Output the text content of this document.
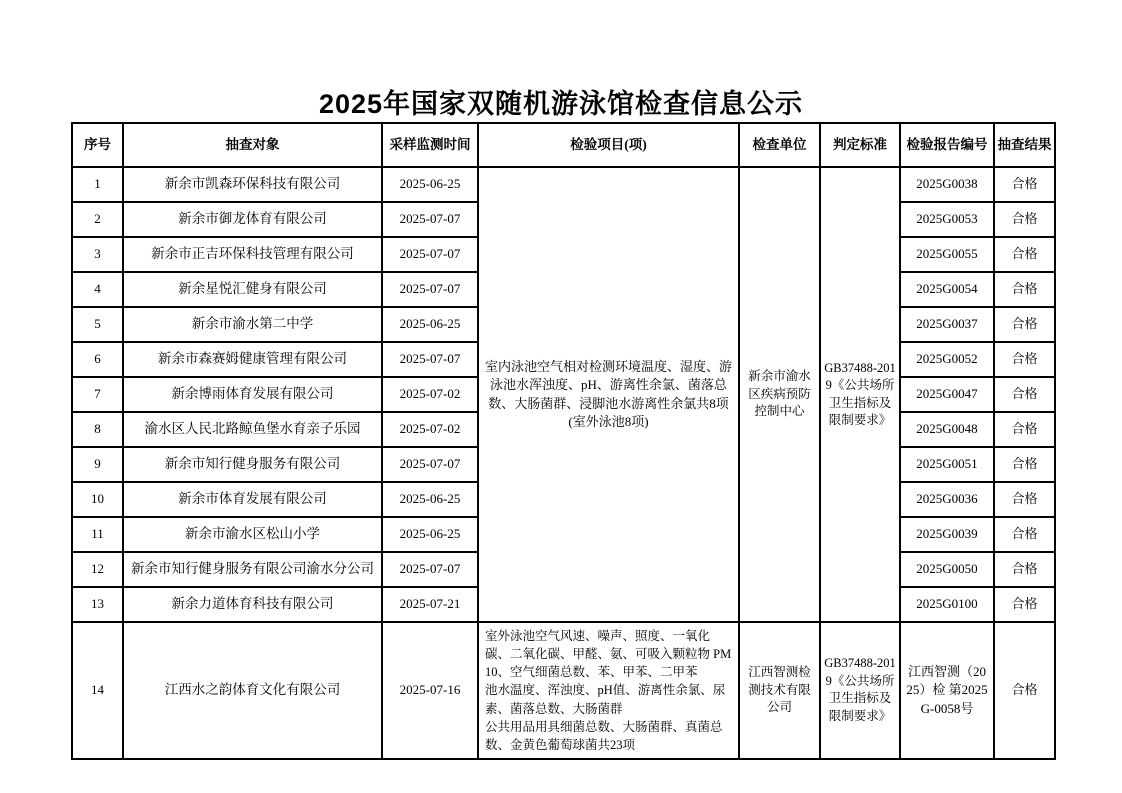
2025年国家双随机游泳馆检查信息公示
序号	抽查对象	采样监测时间	检验项目(项)	检查单位	判定标准	检验报告编号	抽查结果
1	新余市凯森环保科技有限公司	2025-06-25	室内泳池空气相对检测环境温度、湿度、游泳池水浑浊度、pH、游离性余氯、菌落总数、大肠菌群、浸脚池水游离性余氯共8项(室外泳池8项)	新余市渝水区疾病预防控制中心	GB37488-2019《公共场所卫生指标及限制要求》	2025G0038	合格
2	新余市御龙体育有限公司	2025-07-07				2025G0053	合格
3	新余市正吉环保科技管理有限公司	2025-07-07				2025G0055	合格
4	新余星悦汇健身有限公司	2025-07-07				2025G0054	合格
5	新余市渝水第二中学	2025-06-25				2025G0037	合格
6	新余市森赛姆健康管理有限公司	2025-07-07				2025G0052	合格
7	新余博雨体育发展有限公司	2025-07-02				2025G0047	合格
8	渝水区人民北路鲸鱼堡水育亲子乐园	2025-07-02				2025G0048	合格
9	新余市知行健身服务有限公司	2025-07-07				2025G0051	合格
10	新余市体育发展有限公司	2025-06-25				2025G0036	合格
11	新余市渝水区松山小学	2025-06-25				2025G0039	合格
12	新余市知行健身服务有限公司渝水分公司	2025-07-07				2025G0050	合格
13	新余力道体育科技有限公司	2025-07-21				2025G0100	合格
14	江西水之韵体育文化有限公司	2025-07-16	室外泳池空气风速、噪声、照度、一氧化碳、二氧化碳、甲醛、氨、可吸入颗粒物 PM10、空气细菌总数、苯、甲苯、二甲苯
池水温度、浑浊度、pH值、游离性余氯、尿素、菌落总数、大肠菌群
公共用品用具细菌总数、大肠菌群、真菌总数、金黄色葡萄球菌共23项	江西智测检测技术有限公司	GB37488-2019《公共场所卫生指标及限制要求》	江西智测（2025）检 第2025G-0058号	合格
